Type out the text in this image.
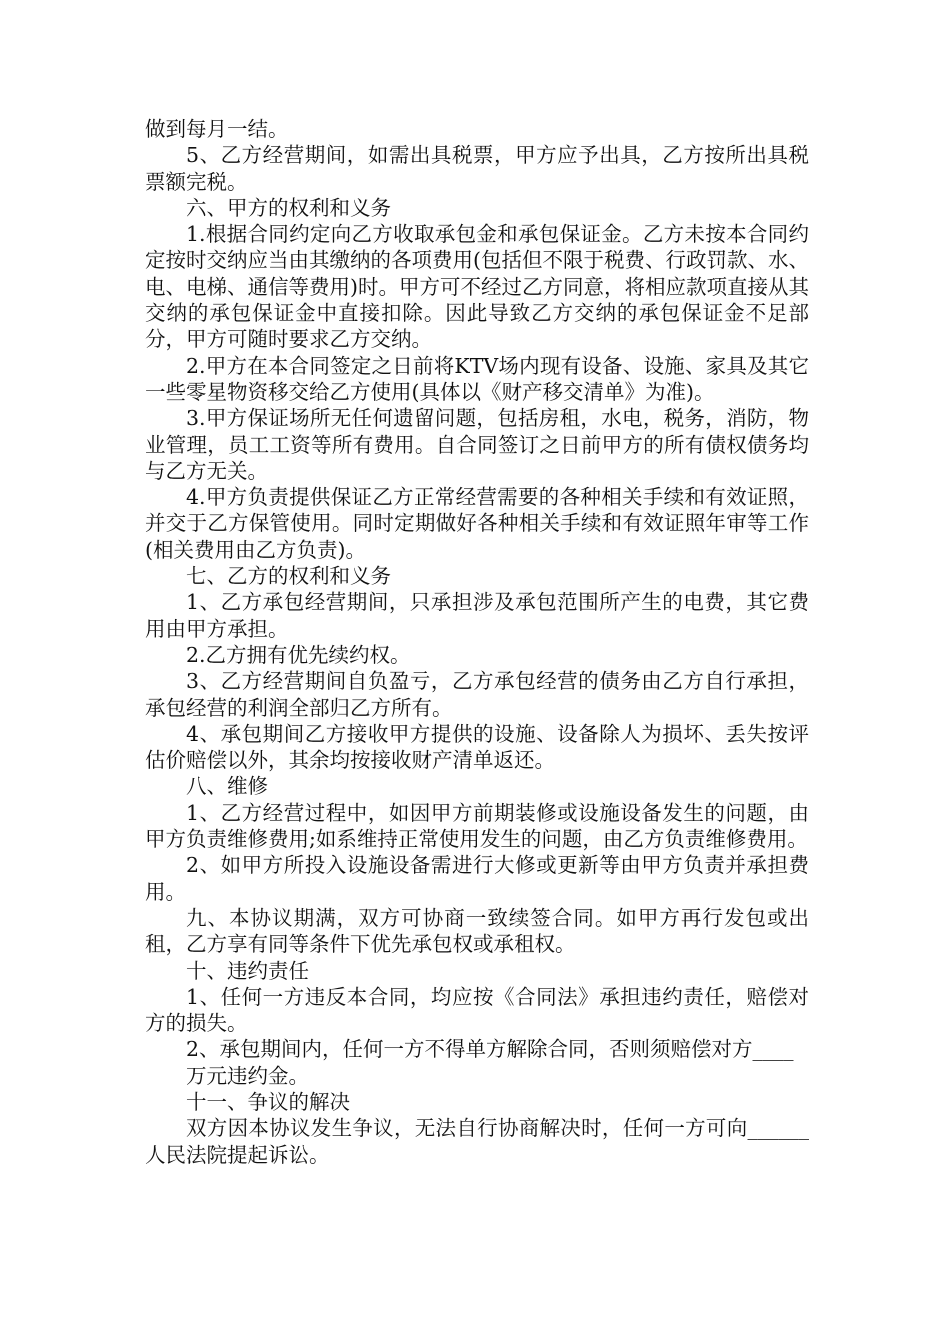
做到每月一结。

5、乙方经营期间，如需出具税票，甲方应予出具，乙方按所出具税票额完税。

六、甲方的权利和义务

1.根据合同约定向乙方收取承包金和承包保证金。乙方未按本合同约定按时交纳应当由其缴纳的各项费用(包括但不限于税费、行政罚款、水、电、电梯、通信等费用)时。甲方可不经过乙方同意，将相应款项直接从其交纳的承包保证金中直接扣除。因此导致乙方交纳的承包保证金不足部分，甲方可随时要求乙方交纳。

2.甲方在本合同签定之日前将KTV场内现有设备、设施、家具及其它一些零星物资移交给乙方使用(具体以《财产移交清单》为准)。

3.甲方保证场所无任何遗留问题，包括房租，水电，税务，消防，物业管理，员工工资等所有费用。自合同签订之日前甲方的所有债权债务均与乙方无关。

4.甲方负责提供保证乙方正常经营需要的各种相关手续和有效证照，并交于乙方保管使用。同时定期做好各种相关手续和有效证照年审等工作(相关费用由乙方负责)。

七、乙方的权利和义务

1、乙方承包经营期间，只承担涉及承包范围所产生的电费，其它费用由甲方承担。

2.乙方拥有优先续约权。

3、乙方经营期间自负盈亏，乙方承包经营的债务由乙方自行承担，承包经营的利润全部归乙方所有。

4、承包期间乙方接收甲方提供的设施、设备除人为损坏、丢失按评估价赔偿以外，其余均按接收财产清单返还。

八、维修

1、乙方经营过程中，如因甲方前期装修或设施设备发生的问题，由甲方负责维修费用;如系维持正常使用发生的问题，由乙方负责维修费用。

2、如甲方所投入设施设备需进行大修或更新等由甲方负责并承担费用。

九、本协议期满，双方可协商一致续签合同。如甲方再行发包或出租，乙方享有同等条件下优先承包权或承租权。

十、违约责任

1、任何一方违反本合同，均应按《合同法》承担违约责任，赔偿对方的损失。

2、承包期间内，任何一方不得单方解除合同，否则须赔偿对方____

万元违约金。

十一、争议的解决

双方因本协议发生争议，无法自行协商解决时，任何一方可向______人民法院提起诉讼。
